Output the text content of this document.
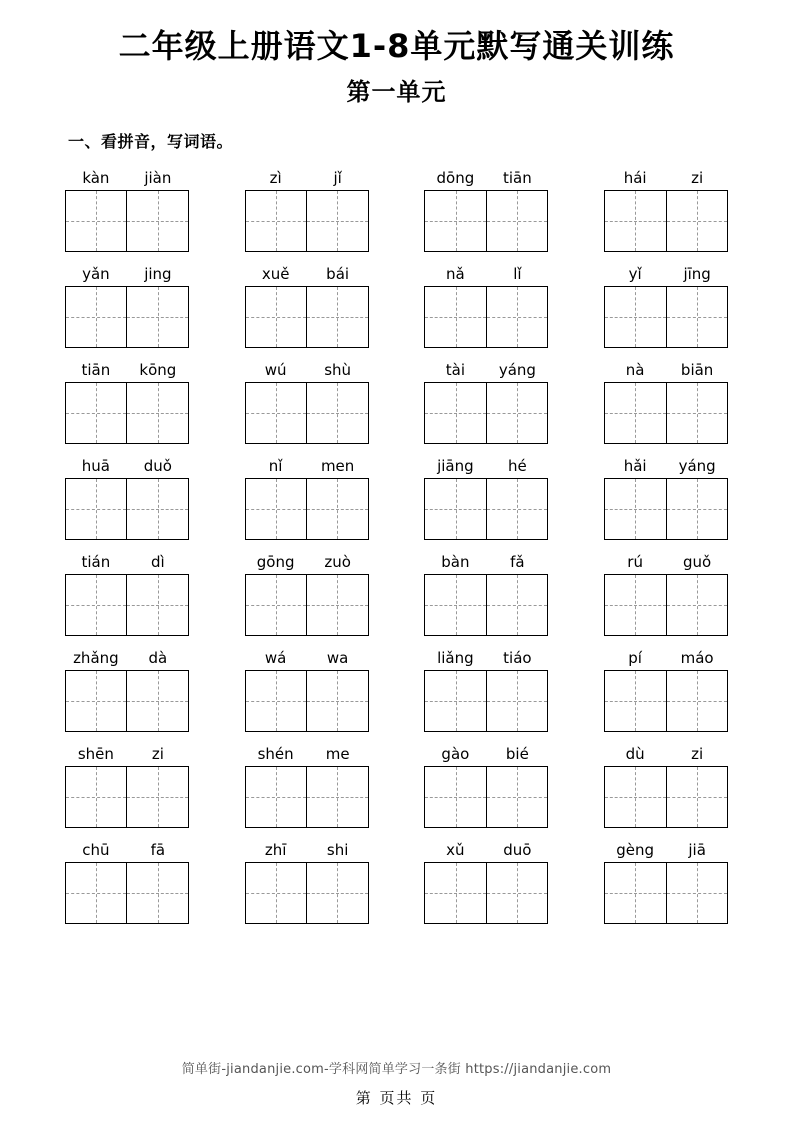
二年级上册语文1-8单元默写通关训练
第一单元
一、看拼音，写词语。
kàn	jiàn	zì	jǐ	dōng	tiān	hái	zi
yǎn	jing	xuě	bái	nǎ	lǐ	yǐ	jīng
tiān	kōng	wú	shù	tài	yáng	nà	biān
huā	duǒ	nǐ	men	jiāng	hé	hǎi	yáng
tián	dì	gōng	zuò	bàn	fǎ	rú	guǒ
zhǎng	dà	wá	wa	liǎng	tiáo	pí	máo
shēn	zi	shén	me	gào	bié	dù	zi
chū	fā	zhī	shi	xǔ	duō	gèng	jiā
简单街-jiandanjie.com-学科网简单学习一条街 https://jiandanjie.com
第 页共 页
